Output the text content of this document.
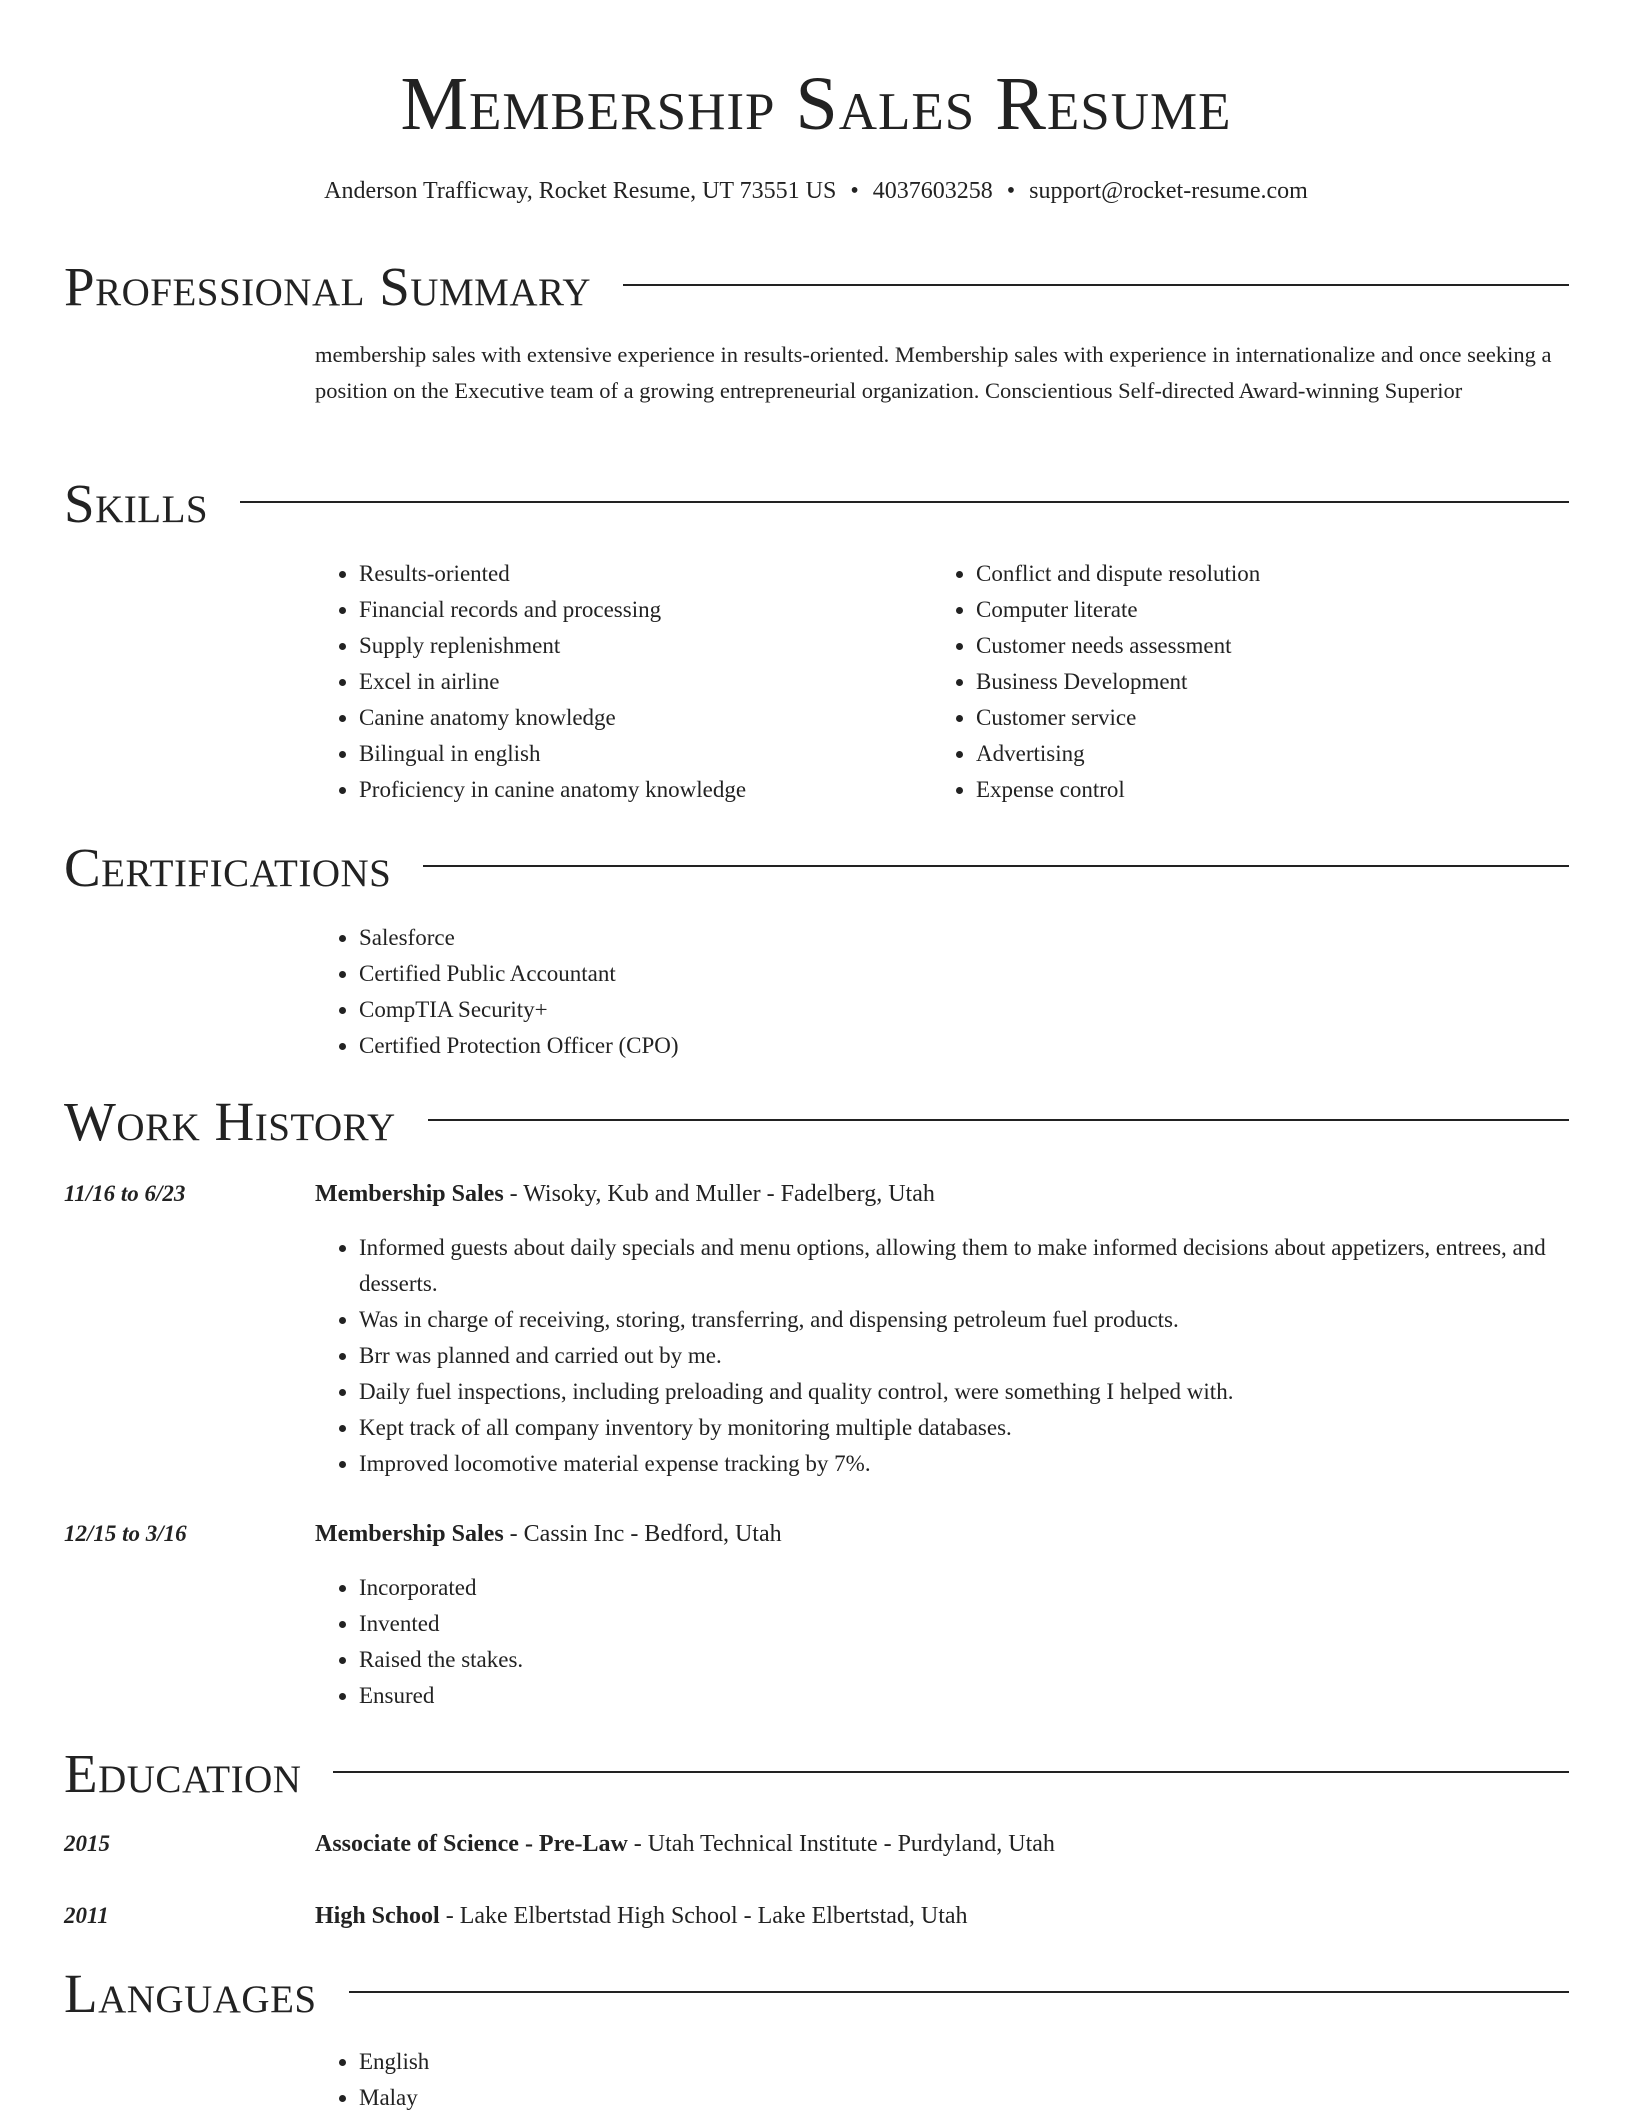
Membership Sales Resume
Anderson Trafficway, Rocket Resume, UT 73551 US • 4037603258 • support@rocket-resume.com
Professional Summary

membership sales with extensive experience in results-oriented. Membership sales with experience in internationalize and once seeking a position on the Executive team of a growing entrepreneurial organization. Conscientious Self-directed Award-winning Superior

Skills
• Results-oriented
• Financial records and processing
• Supply replenishment
• Excel in airline
• Canine anatomy knowledge
• Bilingual in english
• Proficiency in canine anatomy knowledge
• Conflict and dispute resolution
• Computer literate
• Customer needs assessment
• Business Development
• Customer service
• Advertising
• Expense control
Certifications
• Salesforce
• Certified Public Accountant
• CompTIA Security+
• Certified Protection Officer (CPO)
Work History
11/16 to 6/23	Membership Sales - Wisoky, Kub and Muller - Fadelberg, Utah
• Informed guests about daily specials and menu options, allowing them to make informed decisions about appetizers, entrees, and desserts.
• Was in charge of receiving, storing, transferring, and dispensing petroleum fuel products.
• Brr was planned and carried out by me.
• Daily fuel inspections, including preloading and quality control, were something I helped with.
• Kept track of all company inventory by monitoring multiple databases.
• Improved locomotive material expense tracking by 7%.
12/15 to 3/16	Membership Sales - Cassin Inc - Bedford, Utah
• Incorporated
• Invented
• Raised the stakes.
• Ensured
Education
2015	Associate of Science - Pre-Law - Utah Technical Institute - Purdyland, Utah
2011	High School - Lake Elbertstad High School - Lake Elbertstad, Utah
Languages
• English
• Malay
